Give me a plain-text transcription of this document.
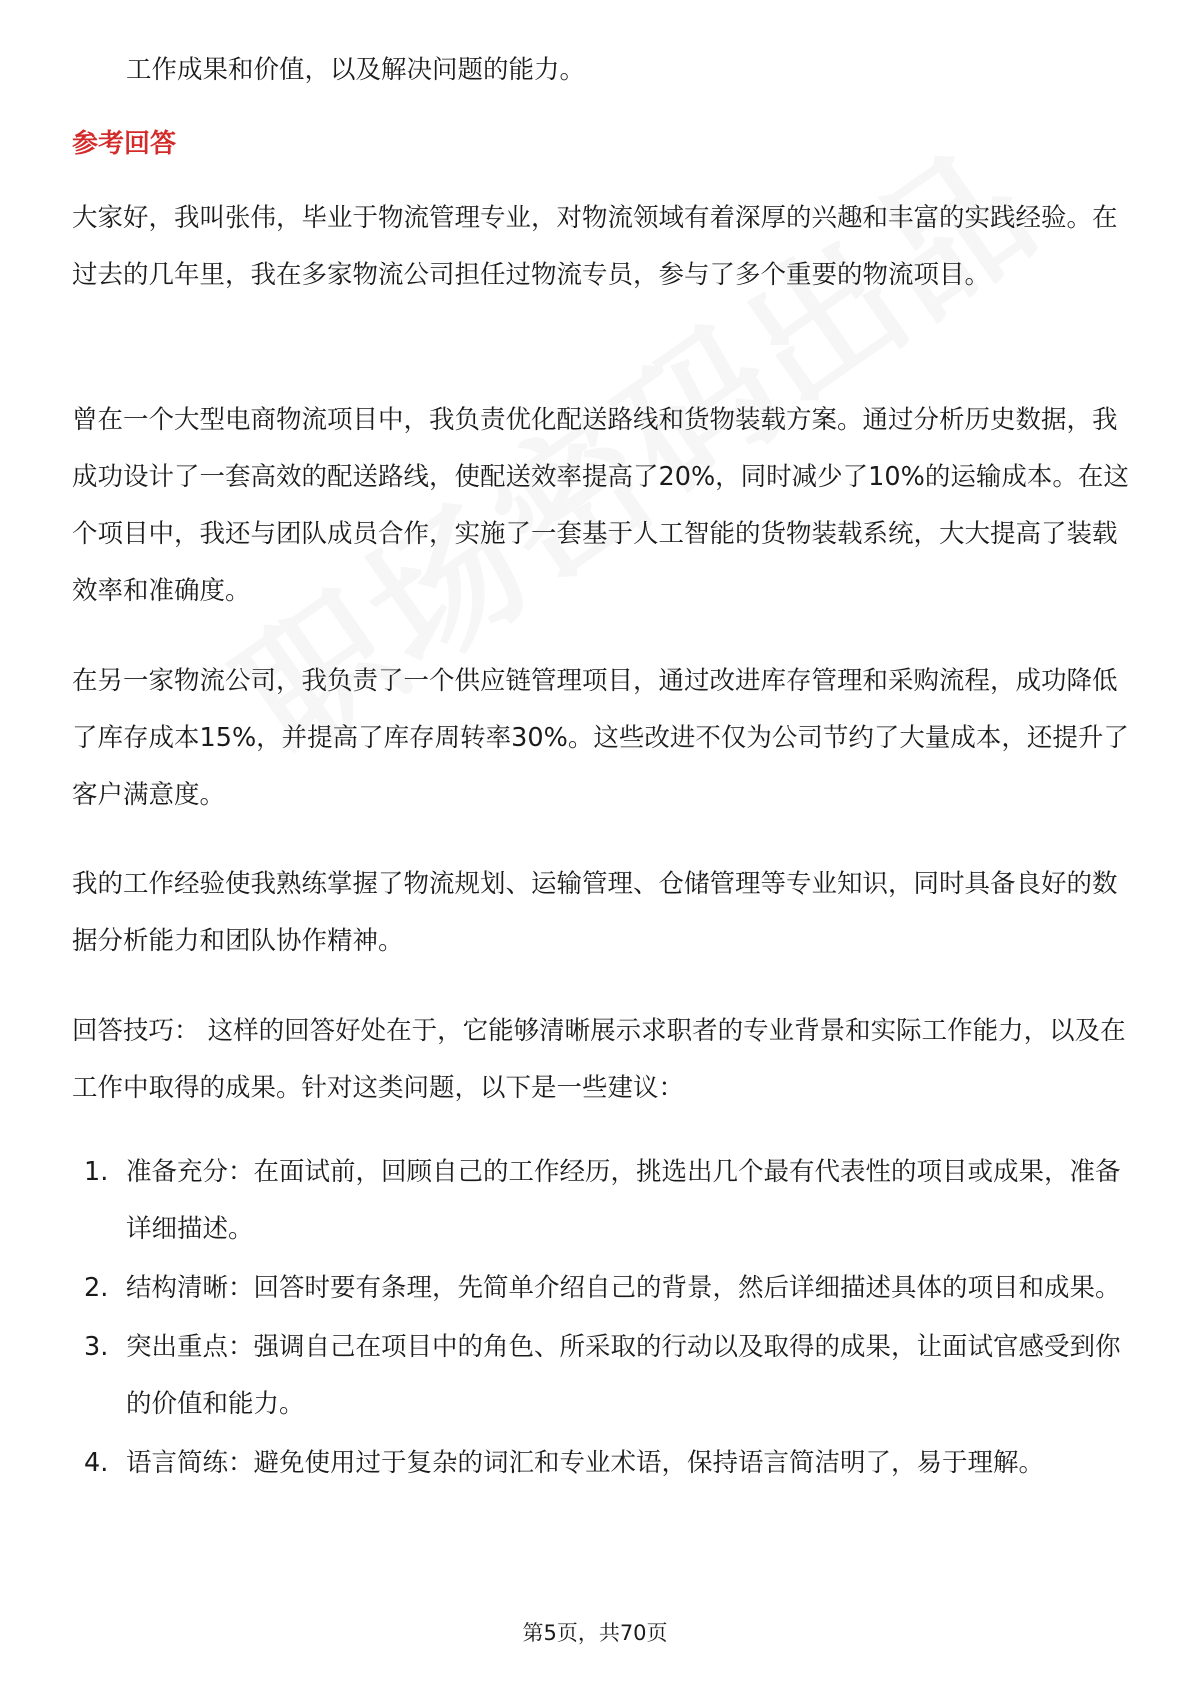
工作成果和价值，以及解决问题的能力。

参考回答

大家好，我叫张伟，毕业于物流管理专业，对物流领域有着深厚的兴趣和丰富的实践经验。在过去的几年里，我在多家物流公司担任过物流专员，参与了多个重要的物流项目。

曾在一个大型电商物流项目中，我负责优化配送路线和货物装载方案。通过分析历史数据，我成功设计了一套高效的配送路线，使配送效率提高了20%，同时减少了10%的运输成本。在这个项目中，我还与团队成员合作，实施了一套基于人工智能的货物装载系统，大大提高了装载效率和准确度。

在另一家物流公司，我负责了一个供应链管理项目，通过改进库存管理和采购流程，成功降低了库存成本15%，并提高了库存周转率30%。这些改进不仅为公司节约了大量成本，还提升了客户满意度。

我的工作经验使我熟练掌握了物流规划、运输管理、仓储管理等专业知识，同时具备良好的数据分析能力和团队协作精神。

回答技巧： 这样的回答好处在于，它能够清晰展示求职者的专业背景和实际工作能力，以及在工作中取得的成果。针对这类问题，以下是一些建议：

1. 准备充分：在面试前，回顾自己的工作经历，挑选出几个最有代表性的项目或成果，准备详细描述。
2. 结构清晰：回答时要有条理，先简单介绍自己的背景，然后详细描述具体的项目和成果。
3. 突出重点：强调自己在项目中的角色、所采取的行动以及取得的成果，让面试官感受到你的价值和能力。
4. 语言简练：避免使用过于复杂的词汇和专业术语，保持语言简洁明了，易于理解。
第5页，共70页
